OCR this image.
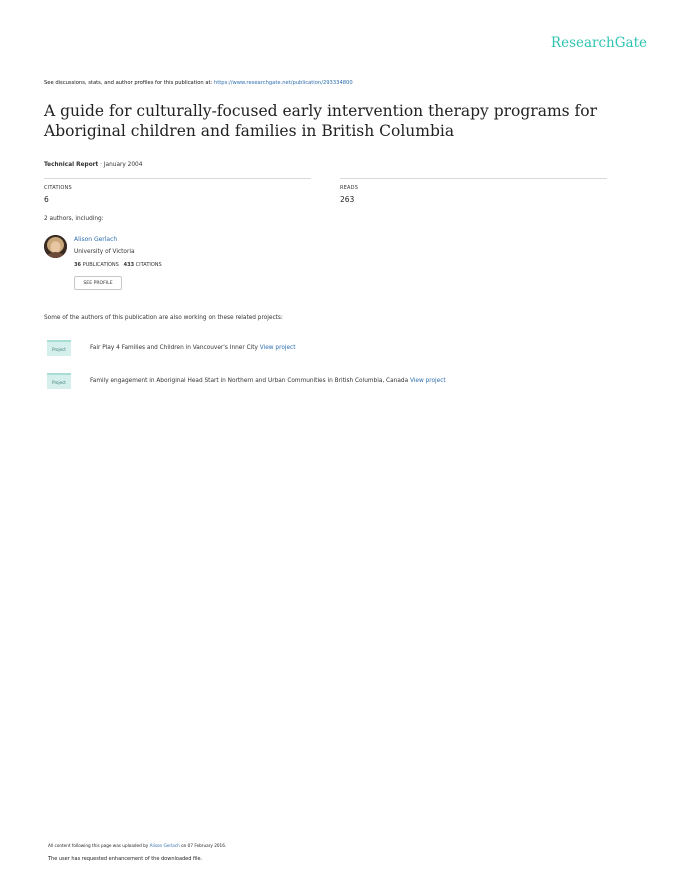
ResearchGate
See discussions, stats, and author profiles for this publication at: https://www.researchgate.net/publication/293334800
A guide for culturally-focused early intervention therapy programs for Aboriginal children and families in British Columbia
Technical Report · January 2004
CITATIONS
6
READS
263
2 authors, including:
Alison Gerlach
University of Victoria
36 PUBLICATIONS 433 CITATIONS
SEE PROFILE
Some of the authors of this publication are also working on these related projects:
Project	Fair Play 4 Families and Children in Vancouver's Inner City View project
Project	Family engagement in Aboriginal Head Start in Northern and Urban Communities in British Columbia, Canada View project
All content following this page was uploaded by Alison Gerlach on 07 February 2016.
The user has requested enhancement of the downloaded file.
